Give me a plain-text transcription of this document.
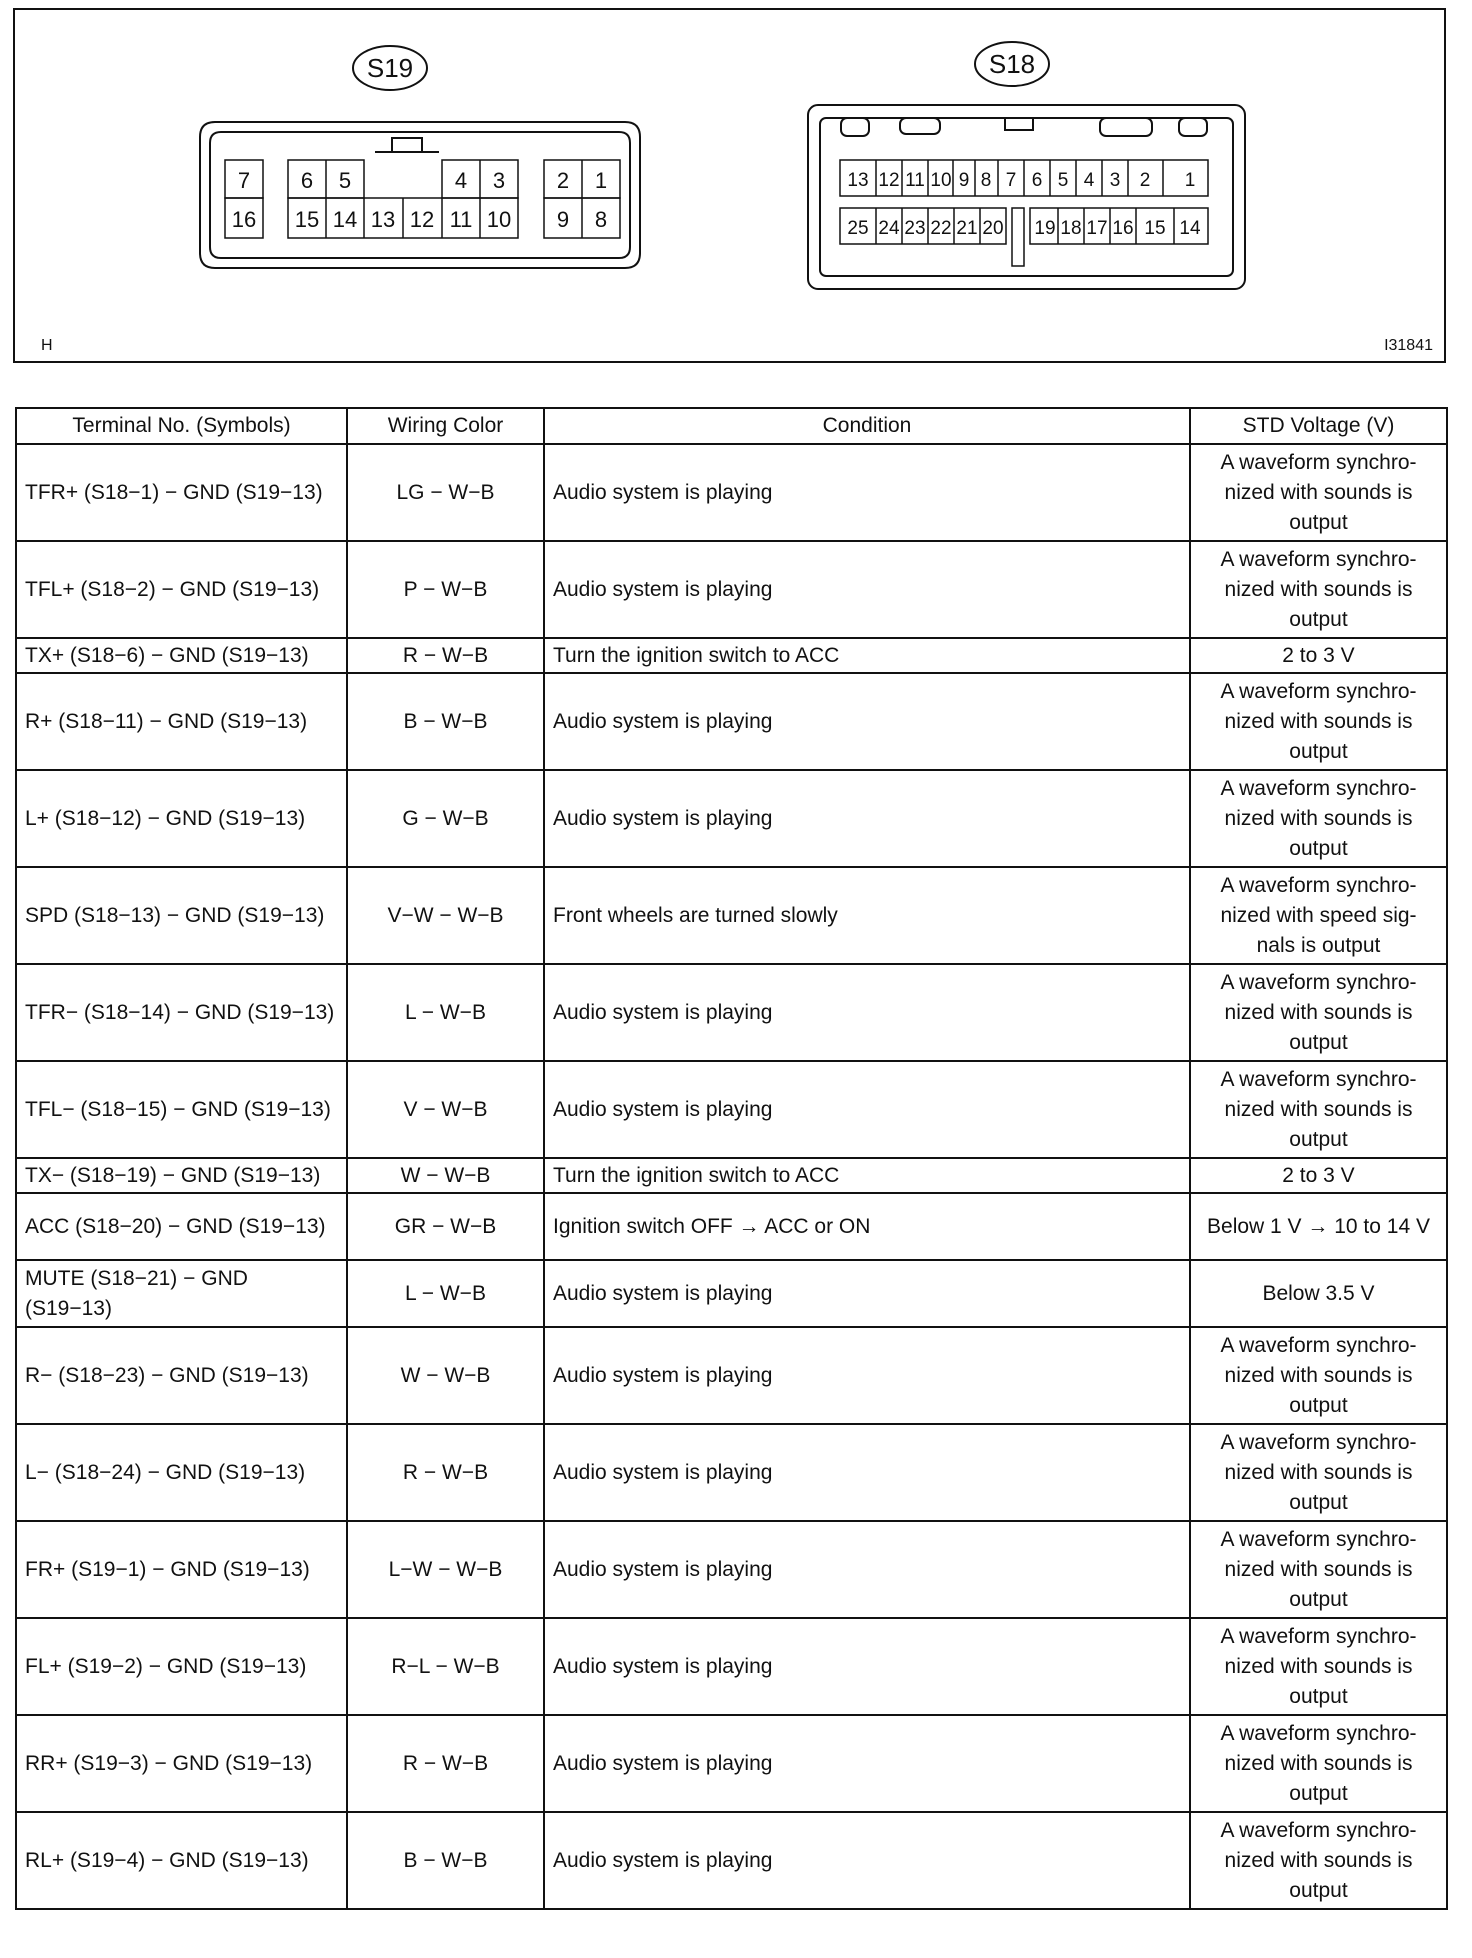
S19
7 6 5	4 3 2 1
16 15 14 13 12 11 10 9 8
S18
13 12 11 10 9 8 7 6 5 4 3 2 1
25 24 23 22 21 20 19 18 17 16 15 14
H	I31841
Terminal No. (Symbols)	Wiring Color	Condition	STD Voltage (V)
TFR+ (S18−1) − GND (S19−13)	LG − W−B	Audio system is playing	A waveform synchro- nized with sounds is output
TFL+ (S18−2) − GND (S19−13)	P − W−B	Audio system is playing	A waveform synchro- nized with sounds is output
TX+ (S18−6) − GND (S19−13)	R − W−B	Turn the ignition switch to ACC	2 to 3 V
R+ (S18−11) − GND (S19−13)	B − W−B	Audio system is playing	A waveform synchro- nized with sounds is output
L+ (S18−12) − GND (S19−13)	G − W−B	Audio system is playing	A waveform synchro- nized with sounds is output
SPD (S18−13) − GND (S19−13)	V−W − W−B	Front wheels are turned slowly	A waveform synchro- nized with speed sig- nals is output
TFR− (S18−14) − GND (S19−13)	L − W−B	Audio system is playing	A waveform synchro- nized with sounds is output
TFL− (S18−15) − GND (S19−13)	V − W−B	Audio system is playing	A waveform synchro- nized with sounds is output
TX− (S18−19) − GND (S19−13)	W − W−B	Turn the ignition switch to ACC	2 to 3 V
ACC (S18−20) − GND (S19−13)	GR − W−B	Ignition switch OFF → ACC or ON	Below 1 V → 10 to 14 V
MUTE (S18−21) − GND (S19−13)	L − W−B	Audio system is playing	Below 3.5 V
R− (S18−23) − GND (S19−13)	W − W−B	Audio system is playing	A waveform synchro- nized with sounds is output
L− (S18−24) − GND (S19−13)	R − W−B	Audio system is playing	A waveform synchro- nized with sounds is output
FR+ (S19−1) − GND (S19−13)	L−W − W−B	Audio system is playing	A waveform synchro- nized with sounds is output
FL+ (S19−2) − GND (S19−13)	R−L − W−B	Audio system is playing	A waveform synchro- nized with sounds is output
RR+ (S19−3) − GND (S19−13)	R − W−B	Audio system is playing	A waveform synchro- nized with sounds is output
RL+ (S19−4) − GND (S19−13)	B − W−B	Audio system is playing	A waveform synchro- nized with sounds is output
